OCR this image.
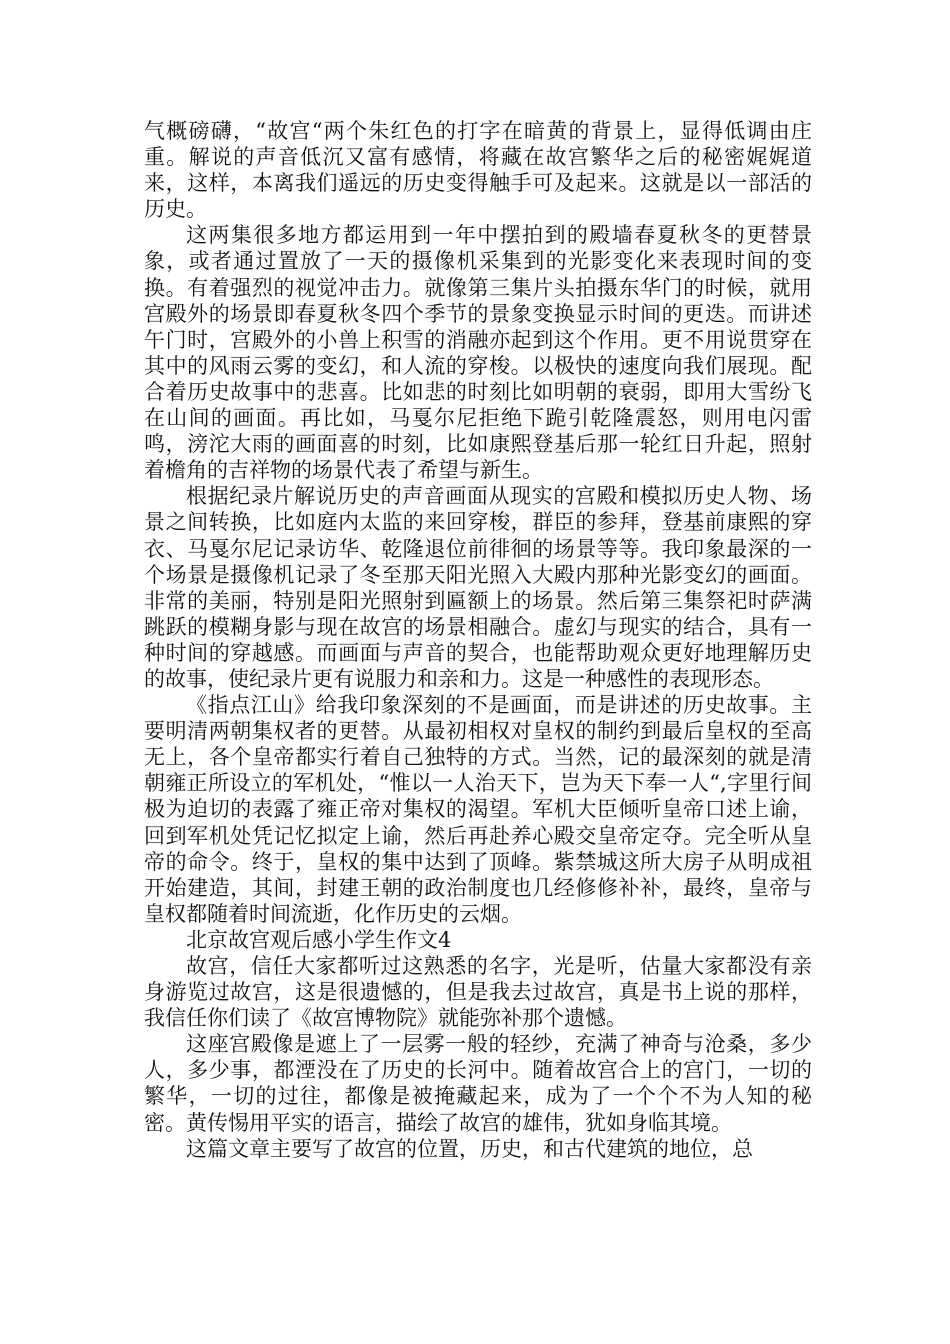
气概磅礴，“故宫“两个朱红色的打字在暗黄的背景上，显得低调由庄重。解说的声音低沉又富有感情，将藏在故宫繁华之后的秘密娓娓道来，这样，本离我们遥远的历史变得触手可及起来。这就是以一部活的历史。

这两集很多地方都运用到一年中摆拍到的殿墙春夏秋冬的更替景象，或者通过置放了一天的摄像机采集到的光影变化来表现时间的变换。有着强烈的视觉冲击力。就像第三集片头拍摄东华门的时候，就用宫殿外的场景即春夏秋冬四个季节的景象变换显示时间的更迭。而讲述午门时，宫殿外的小兽上积雪的消融亦起到这个作用。更不用说贯穿在其中的风雨云雾的变幻，和人流的穿梭。以极快的速度向我们展现。配合着历史故事中的悲喜。比如悲的时刻比如明朝的衰弱，即用大雪纷飞在山间的画面。再比如，马戛尔尼拒绝下跪引乾隆震怒，则用电闪雷鸣，滂沱大雨的画面喜的时刻，比如康熙登基后那一轮红日升起，照射着檐角的吉祥物的场景代表了希望与新生。

根据纪录片解说历史的声音画面从现实的宫殿和模拟历史人物、场景之间转换，比如庭内太监的来回穿梭，群臣的参拜，登基前康熙的穿衣、马戛尔尼记录访华、乾隆退位前徘徊的场景等等。我印象最深的一个场景是摄像机记录了冬至那天阳光照入大殿内那种光影变幻的画面。非常的美丽，特别是阳光照射到匾额上的场景。然后第三集祭祀时萨满跳跃的模糊身影与现在故宫的场景相融合。虚幻与现实的结合，具有一种时间的穿越感。而画面与声音的契合，也能帮助观众更好地理解历史的故事，使纪录片更有说服力和亲和力。这是一种感性的表现形态。

《指点江山》给我印象深刻的不是画面，而是讲述的历史故事。主要明清两朝集权者的更替。从最初相权对皇权的制约到最后皇权的至高无上，各个皇帝都实行着自己独特的方式。当然，记的最深刻的就是清朝雍正所设立的军机处，“惟以一人治天下，岂为天下奉一人“,字里行间极为迫切的表露了雍正帝对集权的渴望。军机大臣倾听皇帝口述上谕，回到军机处凭记忆拟定上谕，然后再赴养心殿交皇帝定夺。完全听从皇帝的命令。终于，皇权的集中达到了顶峰。紫禁城这所大房子从明成祖开始建造，其间，封建王朝的政治制度也几经修修补补，最终，皇帝与皇权都随着时间流逝，化作历史的云烟。

北京故宫观后感小学生作文4

故宫，信任大家都听过这熟悉的名字，光是听，估量大家都没有亲身游览过故宫，这是很遗憾的，但是我去过故宫，真是书上说的那样，我信任你们读了《故宫博物院》就能弥补那个遗憾。

这座宫殿像是遮上了一层雾一般的轻纱，充满了神奇与沧桑，多少人，多少事，都湮没在了历史的长河中。随着故宫合上的宫门，一切的繁华，一切的过往，都像是被掩藏起来，成为了一个个不为人知的秘密。黄传惕用平实的语言，描绘了故宫的雄伟，犹如身临其境。

这篇文章主要写了故宫的位置，历史，和古代建筑的地位，总
